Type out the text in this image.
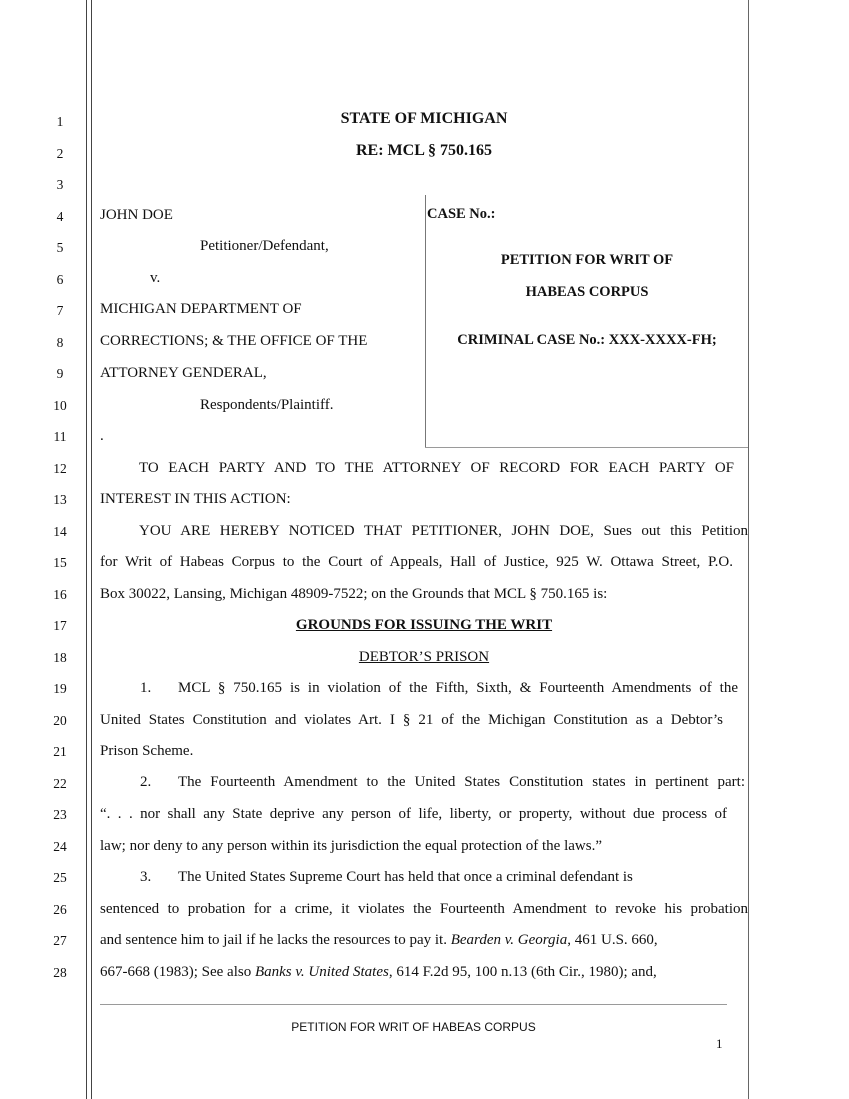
1
2
3
4
5
6
7
8
9
10
11
12
13
14
15
16
17
18
19
20
21
22
23
24
25
26
27
28
STATE OF MICHIGAN
RE: MCL § 750.165
JOHN DOE
Petitioner/Defendant,
v.
MICHIGAN DEPARTMENT OF
CORRECTIONS; & THE OFFICE OF THE
ATTORNEY GENDERAL,
Respondents/Plaintiff.
.
CASE No.:
PETITION FOR WRIT OF
HABEAS CORPUS
CRIMINAL CASE No.: XXX-XXXX-FH;
TO EACH PARTY AND TO THE ATTORNEY OF RECORD FOR EACH PARTY OF
INTEREST IN THIS ACTION:
YOU ARE HEREBY NOTICED THAT PETITIONER, JOHN DOE, Sues out this Petition
for Writ of Habeas Corpus to the Court of Appeals, Hall of Justice, 925 W. Ottawa Street, P.O.
Box 30022, Lansing, Michigan 48909-7522; on the Grounds that MCL § 750.165 is:
GROUNDS FOR ISSUING THE WRIT
DEBTOR’S PRISON
1. MCL § 750.165 is in violation of the Fifth, Sixth, & Fourteenth Amendments of the
United States Constitution and violates Art. I § 21 of the Michigan Constitution as a Debtor’s
Prison Scheme.
2. The Fourteenth Amendment to the United States Constitution states in pertinent part:
“. . . nor shall any State deprive any person of life, liberty, or property, without due process of
law; nor deny to any person within its jurisdiction the equal protection of the laws.”
3. The United States Supreme Court has held that once a criminal defendant is
sentenced to probation for a crime, it violates the Fourteenth Amendment to revoke his probation
and sentence him to jail if he lacks the resources to pay it. Bearden v. Georgia, 461 U.S. 660,
667-668 (1983); See also Banks v. United States, 614 F.2d 95, 100 n.13 (6th Cir., 1980); and,
PETITION FOR WRIT OF HABEAS CORPUS
1
